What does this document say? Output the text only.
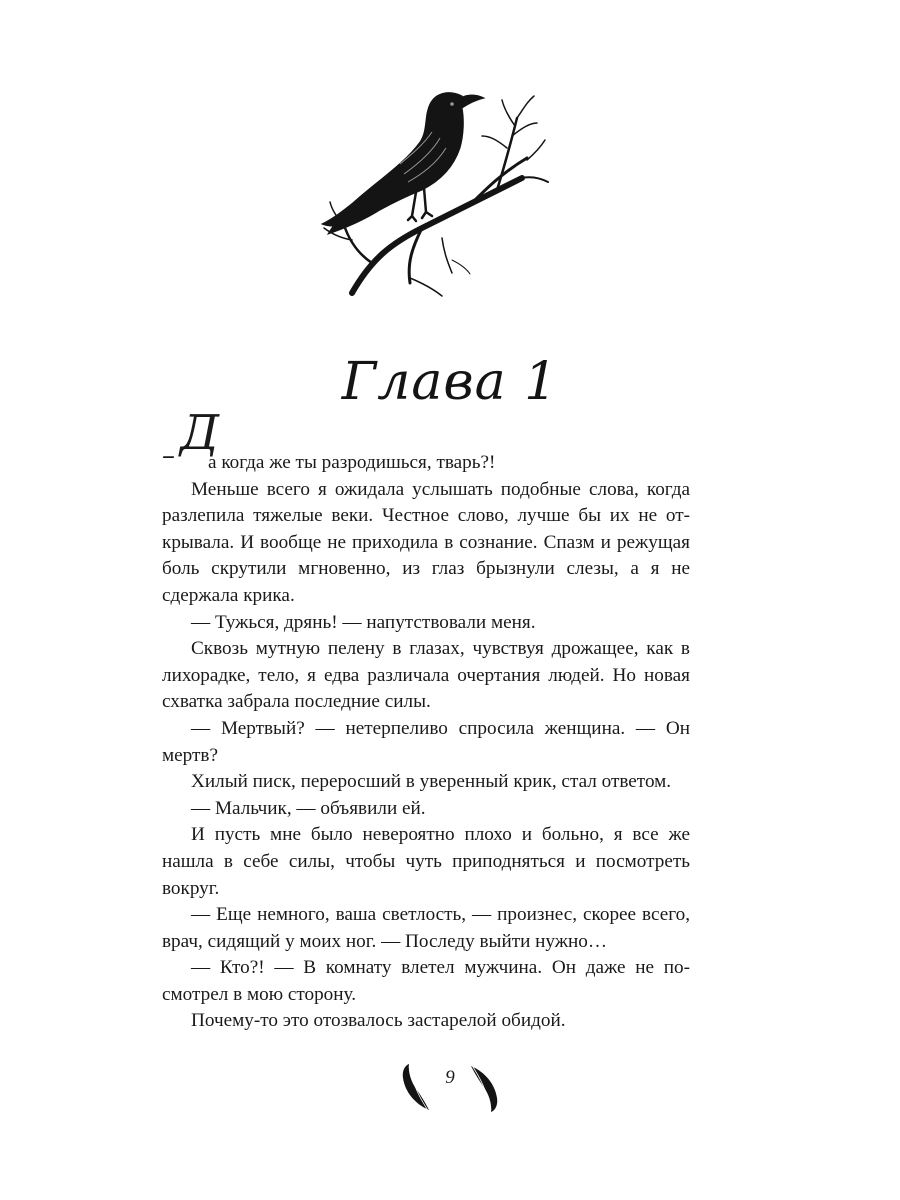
Глава 1

– Д
а когда же ты разродишься, тварь?!

Меньше всего я ожидала услышать подобные слова, когда разлепила тяжелые веки. Честное слово, лучше бы их не открывала. И вообще не приходила в сознание. Спазм и режущая боль скрутили мгновенно, из глаз брызнули слезы, а я не сдержала крика.

— Тужься, дрянь! — напутствовали меня.

Сквозь мутную пелену в глазах, чувствуя дрожащее, как в лихорадке, тело, я едва различала очертания людей. Но новая схватка забрала последние силы.

— Мертвый? — нетерпеливо спросила женщина. — Он мертв?

Хилый писк, переросший в уверенный крик, стал ответом.

— Мальчик, — объявили ей.

И пусть мне было невероятно плохо и больно, я все же нашла в себе силы, чтобы чуть приподняться и посмотреть вокруг.

— Еще немного, ваша светлость, — произнес, скорее всего, врач, сидящий у моих ног. — Последу выйти нужно…

— Кто?! — В комнату влетел мужчина. Он даже не посмотрел в мою сторону.

Почему-то это отозвалось застарелой обидой.

9
